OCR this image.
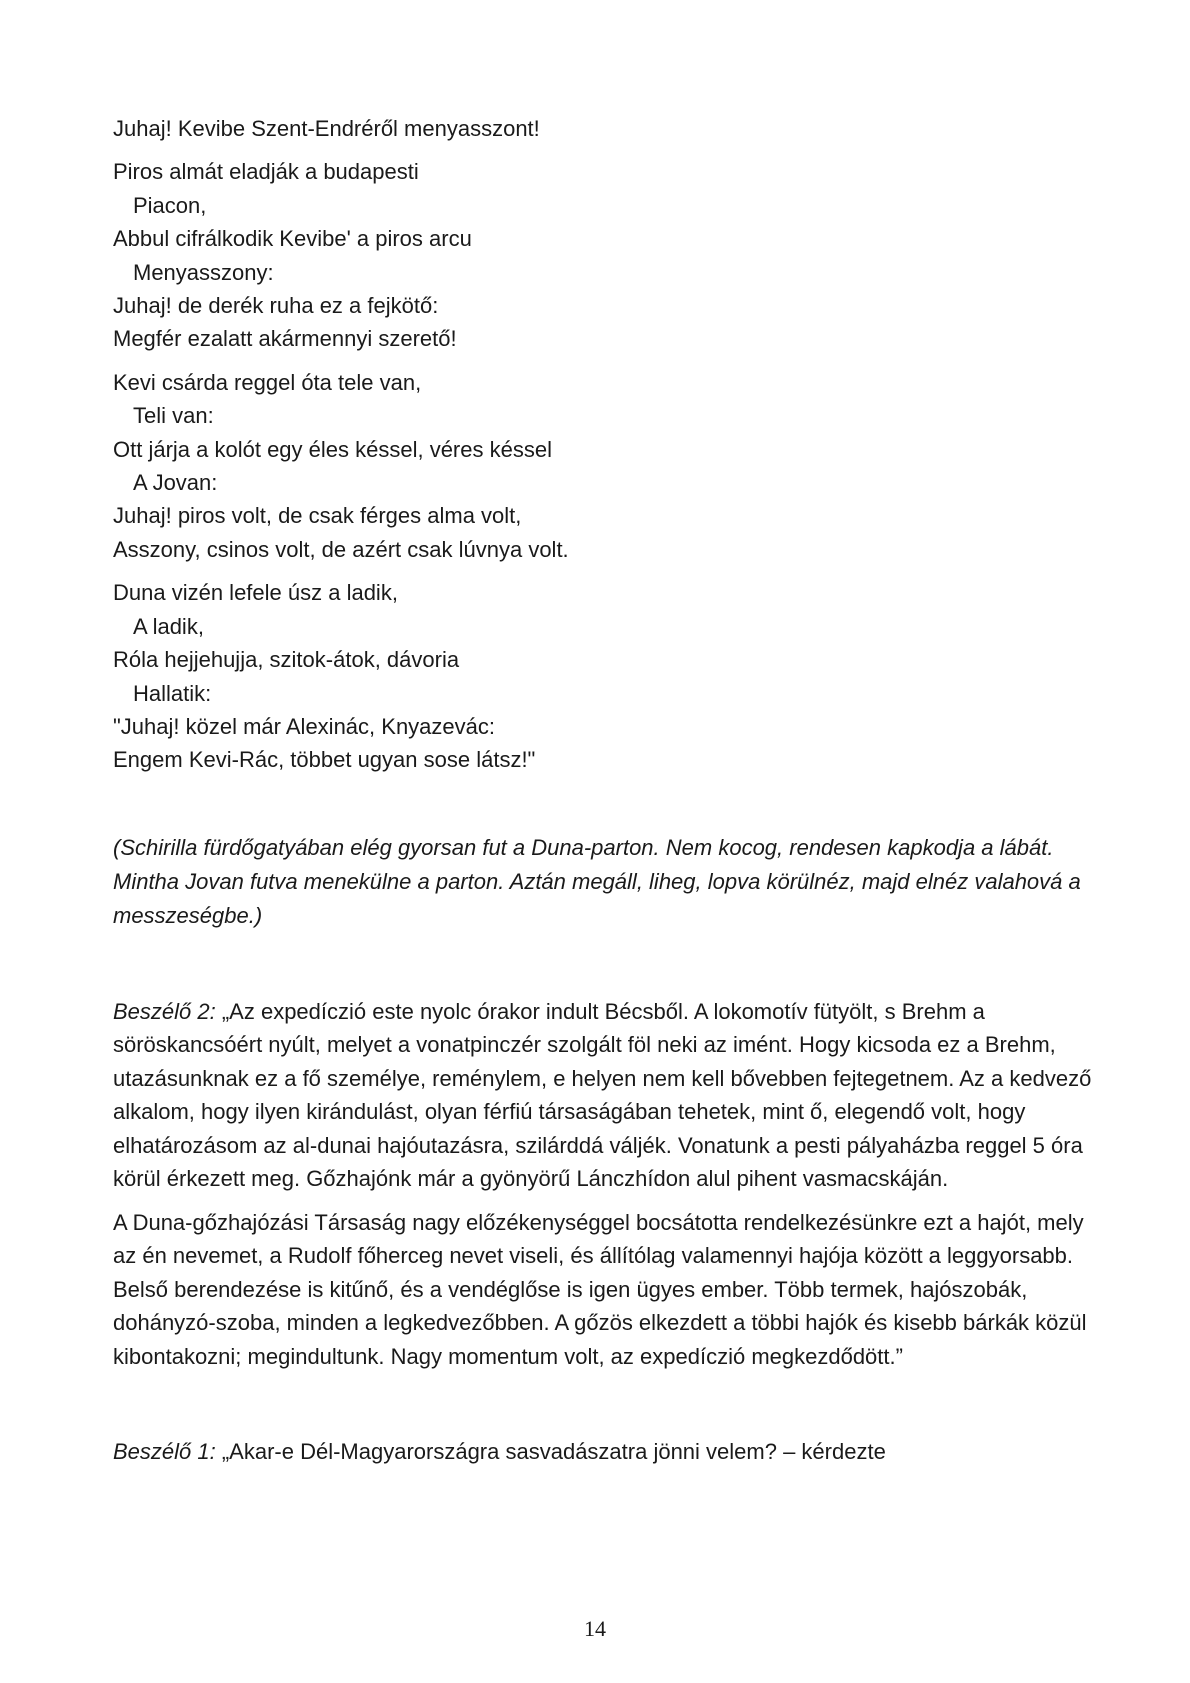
Juhaj! Kevibe Szent-Endréről menyasszont!
Piros almát eladják a budapesti
Piacon,
Abbul cifrálkodik Kevibe' a piros arcu
Menyasszony:
Juhaj! de derék ruha ez a fejkötő:
Megfér ezalatt akármennyi szerető!
Kevi csárda reggel óta tele van,
Teli van:
Ott járja a kolót egy éles késsel, véres késsel
A Jovan:
Juhaj! piros volt, de csak férges alma volt,
Asszony, csinos volt, de azért csak lúvnya volt.
Duna vizén lefele úsz a ladik,
A ladik,
Róla hejjehujja, szitok-átok, dávoria
Hallatik:
"Juhaj! közel már Alexinác, Knyazevác:
Engem Kevi-Rác, többet ugyan sose látsz!"

(Schirilla fürdőgatyában elég gyorsan fut a Duna-parton. Nem kocog, rendesen kapkodja a lábát. Mintha Jovan futva menekülne a parton. Aztán megáll, liheg, lopva körülnéz, majd elnéz valahová a messzeségbe.)

Beszélő 2: „Az expedíczió este nyolc órakor indult Bécsből. A lokomotív fütyölt, s Brehm a söröskancsóért nyúlt, melyet a vonatpinczér szolgált föl neki az imént. Hogy kicsoda ez a Brehm, utazásunknak ez a fő személye, reménylem, e helyen nem kell bővebben fejtegetnem. Az a kedvező alkalom, hogy ilyen kirándulást, olyan férfiú társaságában tehetek, mint ő, elegendő volt, hogy elhatározásom az al-dunai hajóutazásra, szilárddá váljék. Vonatunk a pesti pályaházba reggel 5 óra körül érkezett meg. Gőzhajónk már a gyönyörű Lánczhídon alul pihent vasmacskáján.

A Duna-gőzhajózási Társaság nagy előzékenységgel bocsátotta rendelkezésünkre ezt a hajót, mely az én nevemet, a Rudolf főherceg nevet viseli, és állítólag valamennyi hajója között a leggyorsabb. Belső berendezése is kitűnő, és a vendéglőse is igen ügyes ember. Több termek, hajószobák, dohányzó-szoba, minden a legkedvezőbben. A gőzös elkezdett a többi hajók és kisebb bárkák közül kibontakozni; megindultunk. Nagy momentum volt, az expedíczió megkezdődött.”

Beszélő 1: „Akar-e Dél-Magyarországra sasvadászatra jönni velem? – kérdezte

14
